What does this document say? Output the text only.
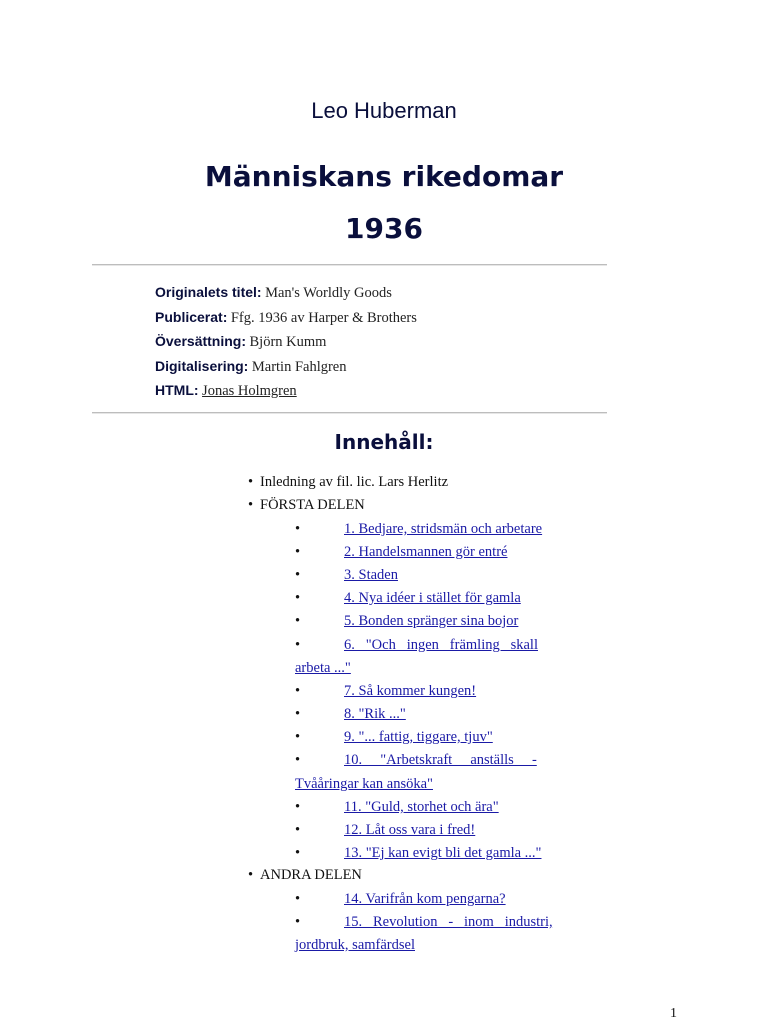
Leo Huberman
Människans rikedomar
1936
Originalets titel: Man's Worldly Goods
Publicerat: Ffg. 1936 av Harper & Brothers
Översättning: Björn Kumm
Digitalisering: Martin Fahlgren
HTML: Jonas Holmgren
Innehåll:
• Inledning av fil. lic. Lars Herlitz
• FÖRSTA DELEN
•	1. Bedjare, stridsmän och arbetare
•	2. Handelsmannen gör entré
•	3. Staden
•	4. Nya idéer i stället för gamla
•	5. Bonden spränger sina bojor
•	6.   "Och   ingen   främling   skall
arbeta ..."
•	7. Så kommer kungen!
•	8. "Rik ..."
•	9. "... fattig, tiggare, tjuv"
•	10.     "Arbetskraft     anställs     -
Tvååringar kan ansöka"
•	11. "Guld, storhet och ära"
•	12. Låt oss vara i fred!
•	13. "Ej kan evigt bli det gamla ..."
• ANDRA DELEN
•	14. Varifrån kom pengarna?
•	15.   Revolution   -   inom   industri,
jordbruk, samfärdsel
1
